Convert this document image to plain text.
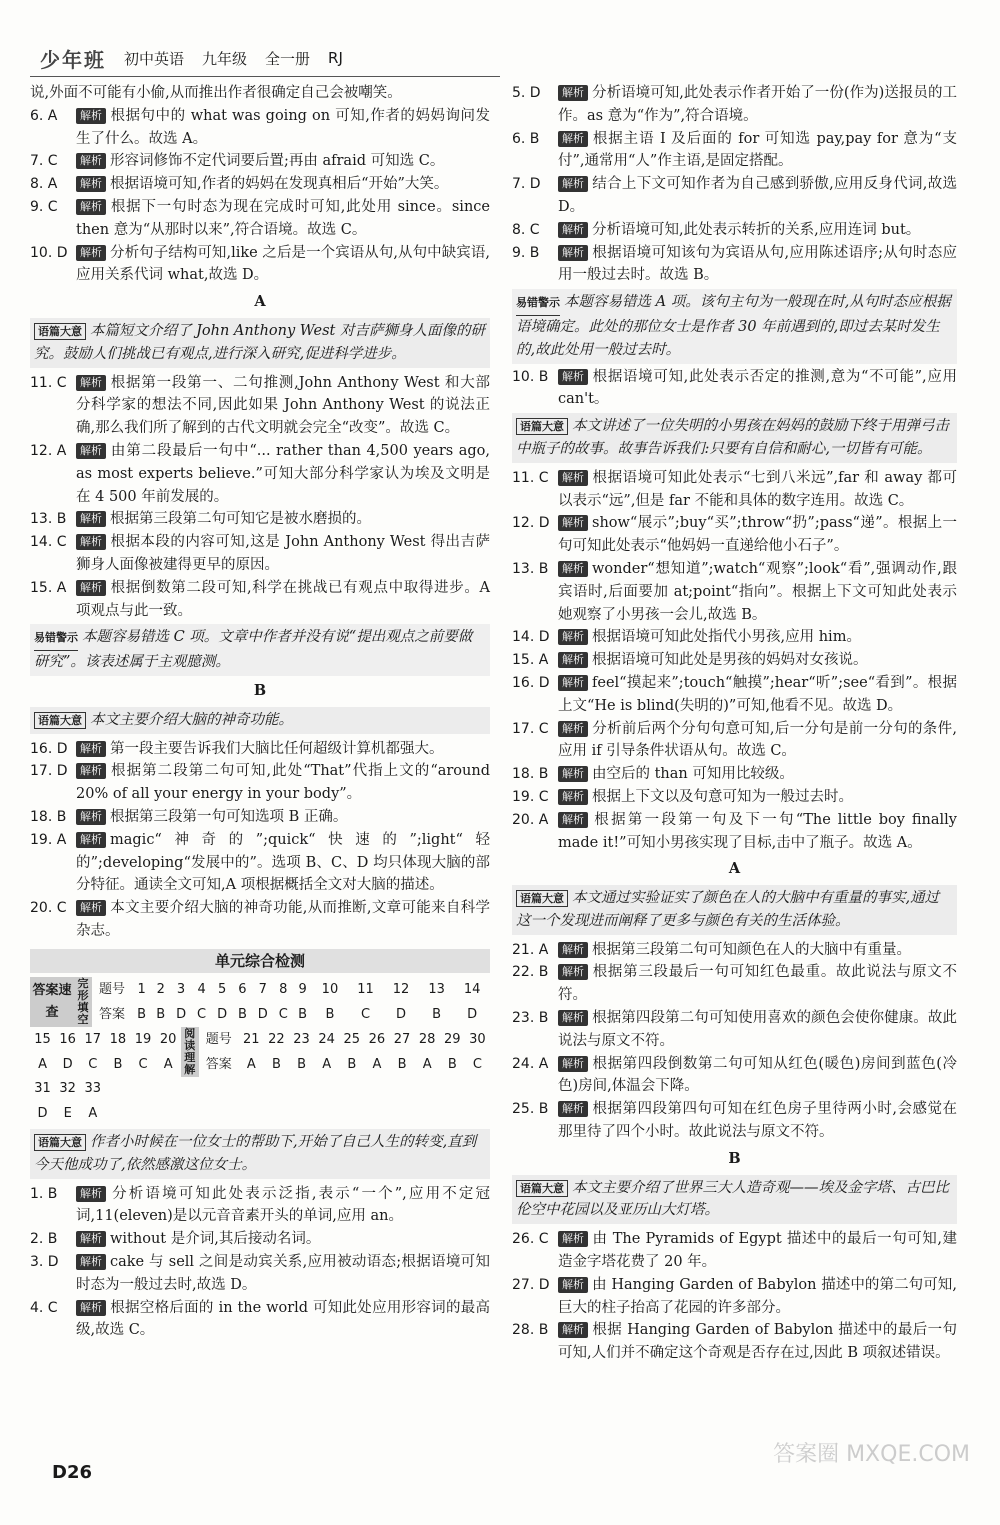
少年班 初中英语 九年级 全一册 RJ
说,外面不可能有小偷,从而推出作者很确定自己会被嘲笑。
6. A	解析 根据句中的 what was going on 可知,作者的妈妈询问发生了什么。故选 A。
7. C	解析 形容词修饰不定代词要后置;再由 afraid 可知选 C。
8. A	解析 根据语境可知,作者的妈妈在发现真相后“开始”大笑。
9. C	解析 根据下一句时态为现在完成时可知,此处用 since。since then 意为“从那时以来”,符合语境。故选 C。
10. D	解析 分析句子结构可知,like 之后是一个宾语从句,从句中缺宾语,应用关系代词 what,故选 D。
A
语篇大意 本篇短文介绍了 John Anthony West 对吉萨狮身人面像的研究。鼓励人们挑战已有观点,进行深入研究,促进科学进步。
11. C	解析 根据第一段第一、二句推测,John Anthony West 和大部分科学家的想法不同,因此如果 John Anthony West 的说法正确,那么我们所了解到的古代文明就会完全“改变”。故选 C。
12. A	解析 由第二段最后一句中“... rather than 4,500 years ago, as most experts believe.”可知大部分科学家认为埃及文明是在 4 500 年前发展的。
13. B	解析 根据第三段第二句可知它是被水磨损的。
14. C	解析 根据本段的内容可知,这是 John Anthony West 得出吉萨狮身人面像被建得更早的原因。
15. A	解析 根据倒数第二段可知,科学在挑战已有观点中取得进步。A 项观点与此一致。
易错警示 本题容易错选 C 项。文章中作者并没有说“提出观点之前要做研究”。该表述属于主观臆测。
B
语篇大意 本文主要介绍大脑的神奇功能。
16. D	解析 第一段主要告诉我们大脑比任何超级计算机都强大。
17. D	解析 根据第二段第二句可知,此处“That”代指上文的“around 20% of all your energy in your body”。
18. B	解析 根据第三段第一句可知选项 B 正确。
19. A	解析 magic“神奇的”;quick“快速的”;light“轻的”;developing“发展中的”。选项 B、C、D 均只体现大脑的部分特征。通读全文可知,A 项根据概括全文对大脑的描述。
20. C	解析 本文主要介绍大脑的神奇功能,从而推断,文章可能来自科学杂志。
单元综合检测
答案速查	完形填空	题号	1	2	3	4	5	6	7	8	9	10	11	12	13	14
		答案	B	B	D	C	D	B	D	C	B	B	C	D	B	D
15	16	17	18	19	20	阅读理解	题号	21	22	23	24	25	26	27	28	29	30
A	D	C	B	C	A		答案	A	B	B	A	B	A	B	A	B	C
31	32	33															
D	E	A															
语篇大意 作者小时候在一位女士的帮助下,开始了自己人生的转变,直到今天他成功了,依然感激这位女士。
1. B	解析 分析语境可知此处表示泛指,表示“一个”,应用不定冠词,11(eleven)是以元音音素开头的单词,应用 an。
2. B	解析 without 是介词,其后接动名词。
3. D	解析 cake 与 sell 之间是动宾关系,应用被动语态;根据语境可知时态为一般过去时,故选 D。
4. C	解析 根据空格后面的 in the world 可知此处应用形容词的最高级,故选 C。
5. D	解析 分析语境可知,此处表示作者开始了一份(作为)送报员的工作。as 意为“作为”,符合语境。
6. B	解析 根据主语 I 及后面的 for 可知选 pay,pay for 意为“支付”,通常用“人”作主语,是固定搭配。
7. D	解析 结合上下文可知作者为自己感到骄傲,应用反身代词,故选 D。
8. C	解析 分析语境可知,此处表示转折的关系,应用连词 but。
9. B	解析 根据语境可知该句为宾语从句,应用陈述语序;从句时态应用一般过去时。故选 B。
易错警示 本题容易错选 A 项。该句主句为一般现在时,从句时态应根据语境确定。此处的那位女士是作者 30 年前遇到的,即过去某时发生的,故此处用一般过去时。
10. B	解析 根据语境可知,此处表示否定的推测,意为“不可能”,应用 can't。
语篇大意 本文讲述了一位失明的小男孩在妈妈的鼓励下终于用弹弓击中瓶子的故事。故事告诉我们:只要有自信和耐心,一切皆有可能。
11. C	解析 根据语境可知此处表示“七到八米远”,far 和 away 都可以表示“远”,但是 far 不能和具体的数字连用。故选 C。
12. D	解析 show“展示”;buy“买”;throw“扔”;pass“递”。根据上一句可知此处表示“他妈妈一直递给他小石子”。
13. B	解析 wonder“想知道”;watch“观察”;look“看”,强调动作,跟宾语时,后面要加 at;point“指向”。根据上下文可知此处表示她观察了小男孩一会儿,故选 B。
14. D	解析 根据语境可知此处指代小男孩,应用 him。
15. A	解析 根据语境可知此处是男孩的妈妈对女孩说。
16. D	解析 feel“摸起来”;touch“触摸”;hear“听”;see“看到”。根据上文“He is blind(失明的)”可知,他看不见。故选 D。
17. C	解析 分析前后两个分句句意可知,后一分句是前一分句的条件,应用 if 引导条件状语从句。故选 C。
18. B	解析 由空后的 than 可知用比较级。
19. C	解析 根据上下文以及句意可知为一般过去时。
20. A	解析 根据第一段第一句及下一句“The little boy finally made it!”可知小男孩实现了目标,击中了瓶子。故选 A。
A
语篇大意 本文通过实验证实了颜色在人的大脑中有重量的事实,通过这一个发现进而阐释了更多与颜色有关的生活体验。
21. A	解析 根据第三段第二句可知颜色在人的大脑中有重量。
22. B	解析 根据第三段最后一句可知红色最重。故此说法与原文不符。
23. B	解析 根据第四段第二句可知使用喜欢的颜色会使你健康。故此说法与原文不符。
24. A	解析 根据第四段倒数第二句可知从红色(暖色)房间到蓝色(冷色)房间,体温会下降。
25. B	解析 根据第四段第四句可知在红色房子里待两小时,会感觉在那里待了四个小时。故此说法与原文不符。
B
语篇大意 本文主要介绍了世界三大人造奇观——埃及金字塔、古巴比伦空中花园以及亚历山大灯塔。
26. C	解析 由 The Pyramids of Egypt 描述中的最后一句可知,建造金字塔花费了 20 年。
27. D	解析 由 Hanging Garden of Babylon 描述中的第二句可知,巨大的柱子抬高了花园的许多部分。
28. B	解析 根据 Hanging Garden of Babylon 描述中的最后一句可知,人们并不确定这个奇观是否存在过,因此 B 项叙述错误。
D26
答案圈 MXQE.COM
